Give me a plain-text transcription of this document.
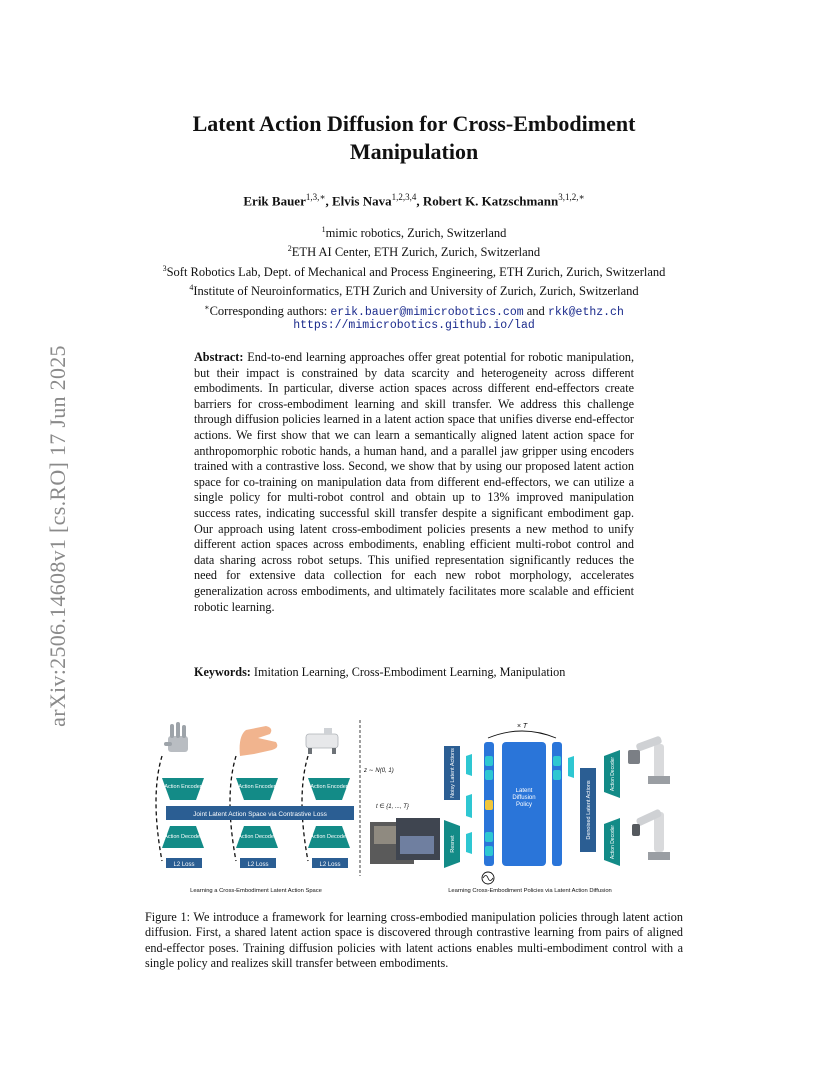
arXiv:2506.14608v1 [cs.RO] 17 Jun 2025
Latent Action Diffusion for Cross-Embodiment Manipulation
Erik Bauer$^{1,3,∗}$, Elvis Nava$^{1,2,3,4}$, Robert K. Katzschmann$^{3,1,2,∗}$
$^1$mimic robotics, Zurich, Switzerland
$^2$ETH AI Center, ETH Zurich, Zurich, Switzerland
$^3$Soft Robotics Lab, Dept. of Mechanical and Process Engineering, ETH Zurich, Zurich, Switzerland
$^4$Institute of Neuroinformatics, ETH Zurich and University of Zurich, Zurich, Switzerland
∗Corresponding authors: erik.bauer@mimicrobotics.com and rkk@ethz.ch
https://mimicrobotics.github.io/lad
Abstract: End-to-end learning approaches offer great potential for robotic manipulation, but their impact is constrained by data scarcity and heterogeneity across different embodiments. In particular, diverse action spaces across different end-effectors create barriers for cross-embodiment learning and skill transfer. We address this challenge through diffusion policies learned in a latent action space that unifies diverse end-effector actions. We first show that we can learn a semantically aligned latent action space for anthropomorphic robotic hands, a human hand, and a parallel jaw gripper using encoders trained with a contrastive loss. Second, we show that by using our proposed latent action space for co-training on manipulation data from different end-effectors, we can utilize a single policy for multi-robot control and obtain up to 13% improved manipulation success rates, indicating successful skill transfer despite a significant embodiment gap. Our approach using latent cross-embodiment policies presents a new method to unify different action spaces across embodiments, enabling efficient multi-robot control and data sharing across robot setups. This unified representation significantly reduces the need for extensive data collection for each new robot morphology, accelerates generalization across embodiments, and ultimately facilitates more scalable and efficient robotic learning.
Keywords: Imitation Learning, Cross-Embodiment Learning, Manipulation
Action Encoder	Action Encoder	Action Encoder
Joint Latent Action Space via Contrastive Loss
Action Decoder	Action Decoder	Action Decoder
L2 Loss	L2 Loss	L2 Loss
Learning a Cross-Embodiment Latent Action Space
× T
z ∼ N(0, 1)
t ∈ {1, ..., T}
Noisy Latent Actions
Resnet
Latent Diffusion Policy	Denoised Latent Actions
Action Decoder
Action Decoder
Learning Cross-Embodiment Policies via Latent Action Diffusion
Figure 1: We introduce a framework for learning cross-embodied manipulation policies through latent action diffusion. First, a shared latent action space is discovered through contrastive learning from pairs of aligned end-effector poses. Training diffusion policies with latent actions enables multi-embodiment control with a single policy and realizes skill transfer between embodiments.
